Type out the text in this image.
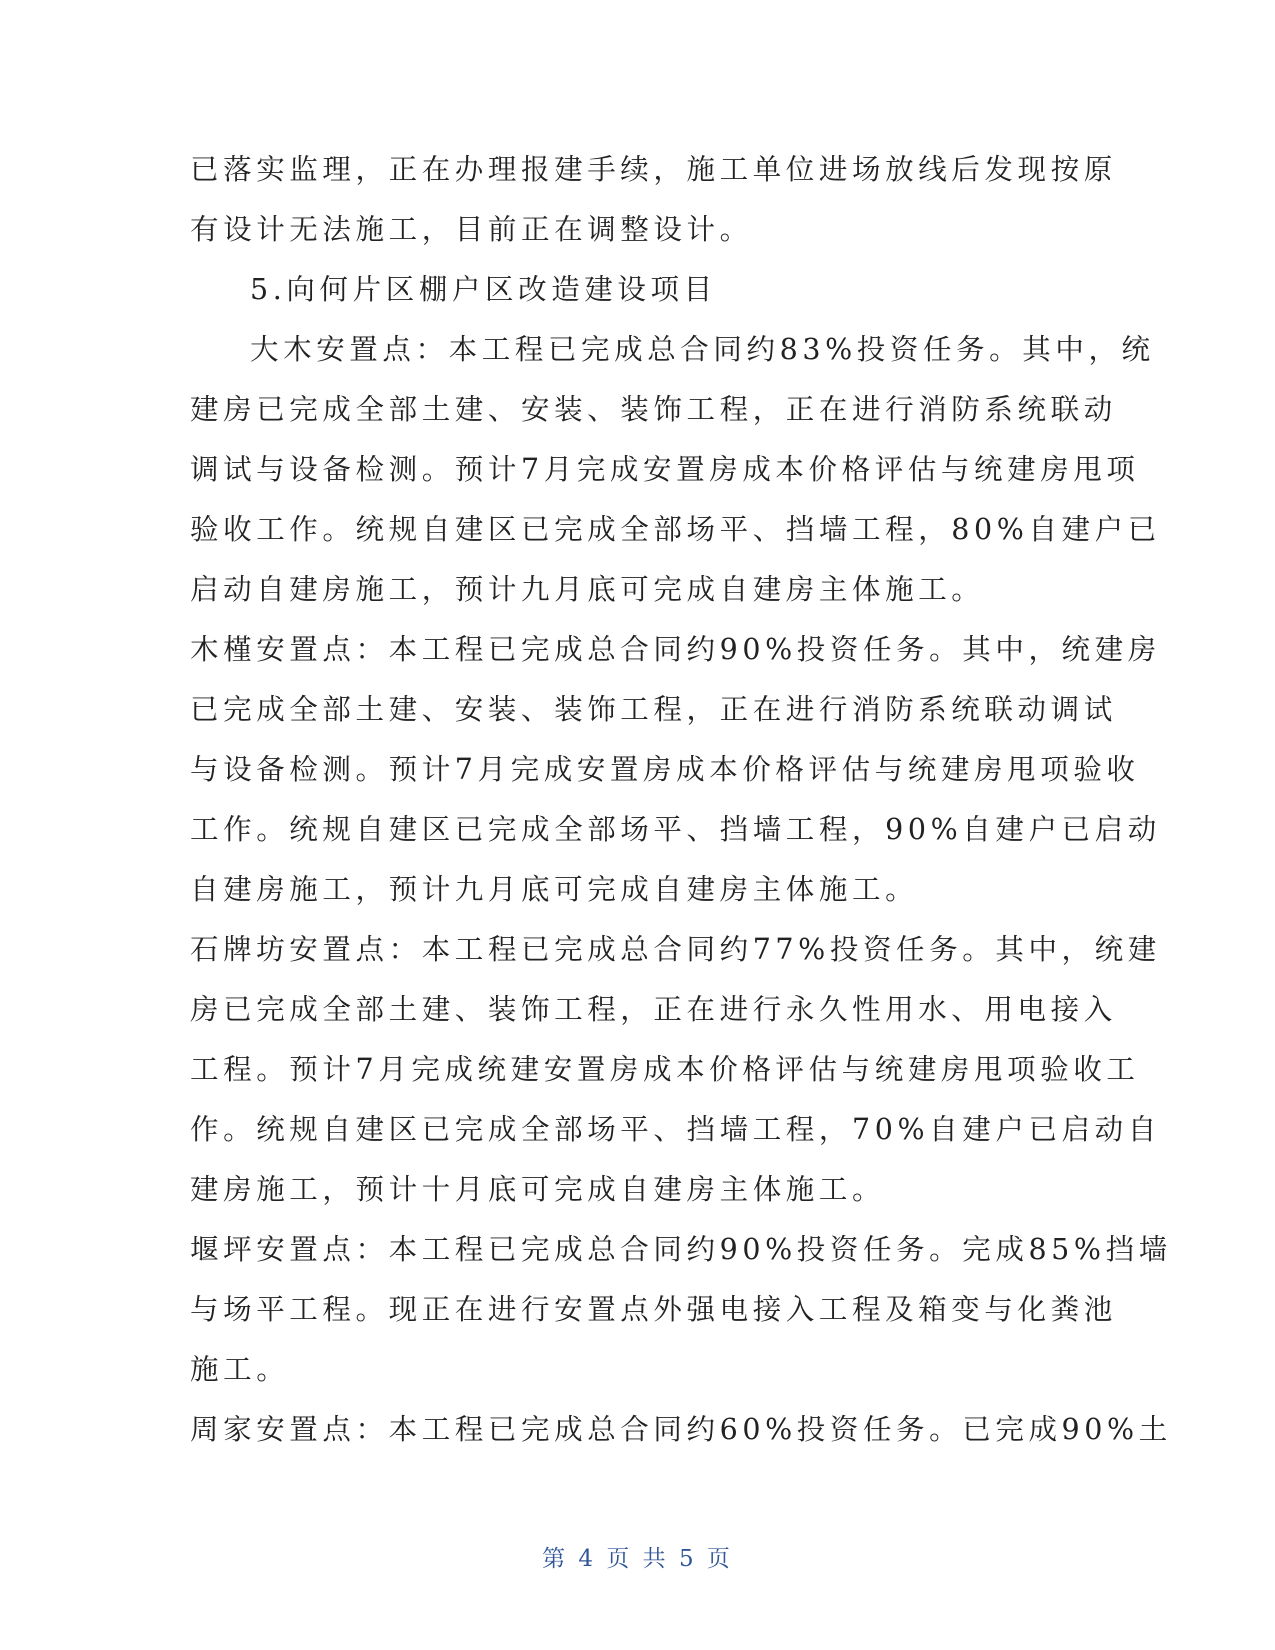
已落实监理，正在办理报建手续，施工单位进场放线后发现按原
有设计无法施工，目前正在调整设计。
5.向何片区棚户区改造建设项目
大木安置点：本工程已完成总合同约83%投资任务。其中，统
建房已完成全部土建、安装、装饰工程，正在进行消防系统联动
调试与设备检测。预计7月完成安置房成本价格评估与统建房甩项
验收工作。统规自建区已完成全部场平、挡墙工程，80%自建户已
启动自建房施工，预计九月底可完成自建房主体施工。
木槿安置点：本工程已完成总合同约90%投资任务。其中，统建房
已完成全部土建、安装、装饰工程，正在进行消防系统联动调试
与设备检测。预计7月完成安置房成本价格评估与统建房甩项验收
工作。统规自建区已完成全部场平、挡墙工程，90%自建户已启动
自建房施工，预计九月底可完成自建房主体施工。
石牌坊安置点：本工程已完成总合同约77%投资任务。其中，统建
房已完成全部土建、装饰工程，正在进行永久性用水、用电接入
工程。预计7月完成统建安置房成本价格评估与统建房甩项验收工
作。统规自建区已完成全部场平、挡墙工程，70%自建户已启动自
建房施工，预计十月底可完成自建房主体施工。
堰坪安置点：本工程已完成总合同约90%投资任务。完成85%挡墙
与场平工程。现正在进行安置点外强电接入工程及箱变与化粪池
施工。
周家安置点：本工程已完成总合同约60%投资任务。已完成90%土
第 4 页 共 5 页
